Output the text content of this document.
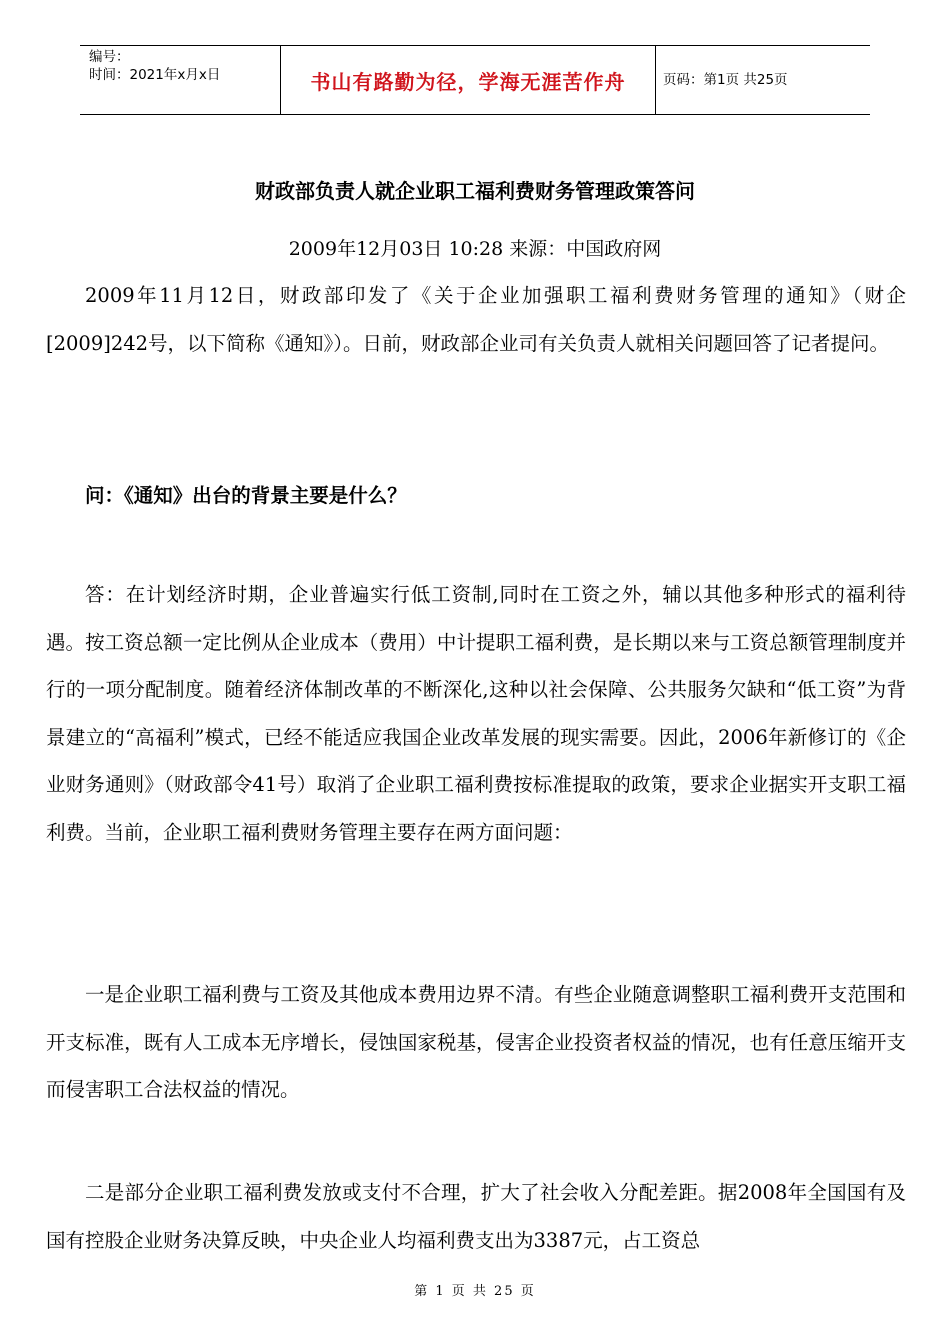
编号：
时间：2021年x月x日	书山有路勤为径，学海无涯苦作舟	页码：第1页 共25页
财政部负责人就企业职工福利费财务管理政策答问
2009年12月03日 10:28 来源：中国政府网

2009年11月12日，财政部印发了《关于企业加强职工福利费财务管理的通知》（财企[2009]242号，以下简称《通知》）。日前，财政部企业司有关负责人就相关问题回答了记者提问。

问：《通知》出台的背景主要是什么？

答：在计划经济时期，企业普遍实行低工资制,同时在工资之外，辅以其他多种形式的福利待遇。按工资总额一定比例从企业成本（费用）中计提职工福利费，是长期以来与工资总额管理制度并行的一项分配制度。随着经济体制改革的不断深化,这种以社会保障、公共服务欠缺和“低工资”为背景建立的“高福利”模式，已经不能适应我国企业改革发展的现实需要。因此，2006年新修订的《企业财务通则》（财政部令41号）取消了企业职工福利费按标准提取的政策，要求企业据实开支职工福利费。当前，企业职工福利费财务管理主要存在两方面问题：

一是企业职工福利费与工资及其他成本费用边界不清。有些企业随意调整职工福利费开支范围和开支标准，既有人工成本无序增长，侵蚀国家税基，侵害企业投资者权益的情况，也有任意压缩开支而侵害职工合法权益的情况。

二是部分企业职工福利费发放或支付不合理，扩大了社会收入分配差距。据2008年全国国有及国有控股企业财务决算反映，中央企业人均福利费支出为3387元，占工资总

第 1 页 共 25 页
